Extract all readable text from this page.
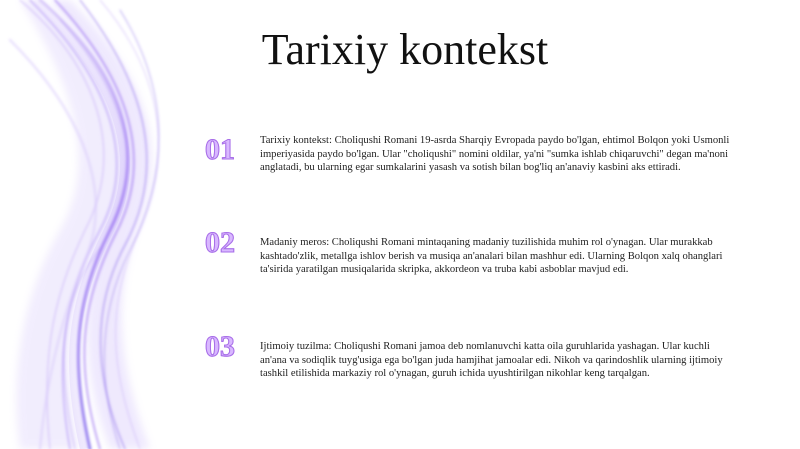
Tarixiy kontekst
01	Tarixiy kontekst: Choliqushi Romani 19-asrda Sharqiy Evropada paydo bo'lgan, ehtimol Bolqon yoki Usmonli imperiyasida paydo bo'lgan. Ular "choliqushi" nomini oldilar, ya'ni "sumka ishlab chiqaruvchi" degan ma'noni anglatadi, bu ularning egar sumkalarini yasash va sotish bilan bog'liq an'anaviy kasbini aks ettiradi.

02	Madaniy meros: Choliqushi Romani mintaqaning madaniy tuzilishida muhim rol o'ynagan. Ular murakkab kashtado'zlik, metallga ishlov berish va musiqa an'analari bilan mashhur edi. Ularning Bolqon xalq ohanglari ta'sirida yaratilgan musiqalarida skripka, akkordeon va truba kabi asboblar mavjud edi.

03	Ijtimoiy tuzilma: Choliqushi Romani jamoa deb nomlanuvchi katta oila guruhlarida yashagan. Ular kuchli an'ana va sodiqlik tuyg'usiga ega bo'lgan juda hamjihat jamoalar edi. Nikoh va qarindoshlik ularning ijtimoiy tashkil etilishida markaziy rol o'ynagan, guruh ichida uyushtirilgan nikohlar keng tarqalgan.
